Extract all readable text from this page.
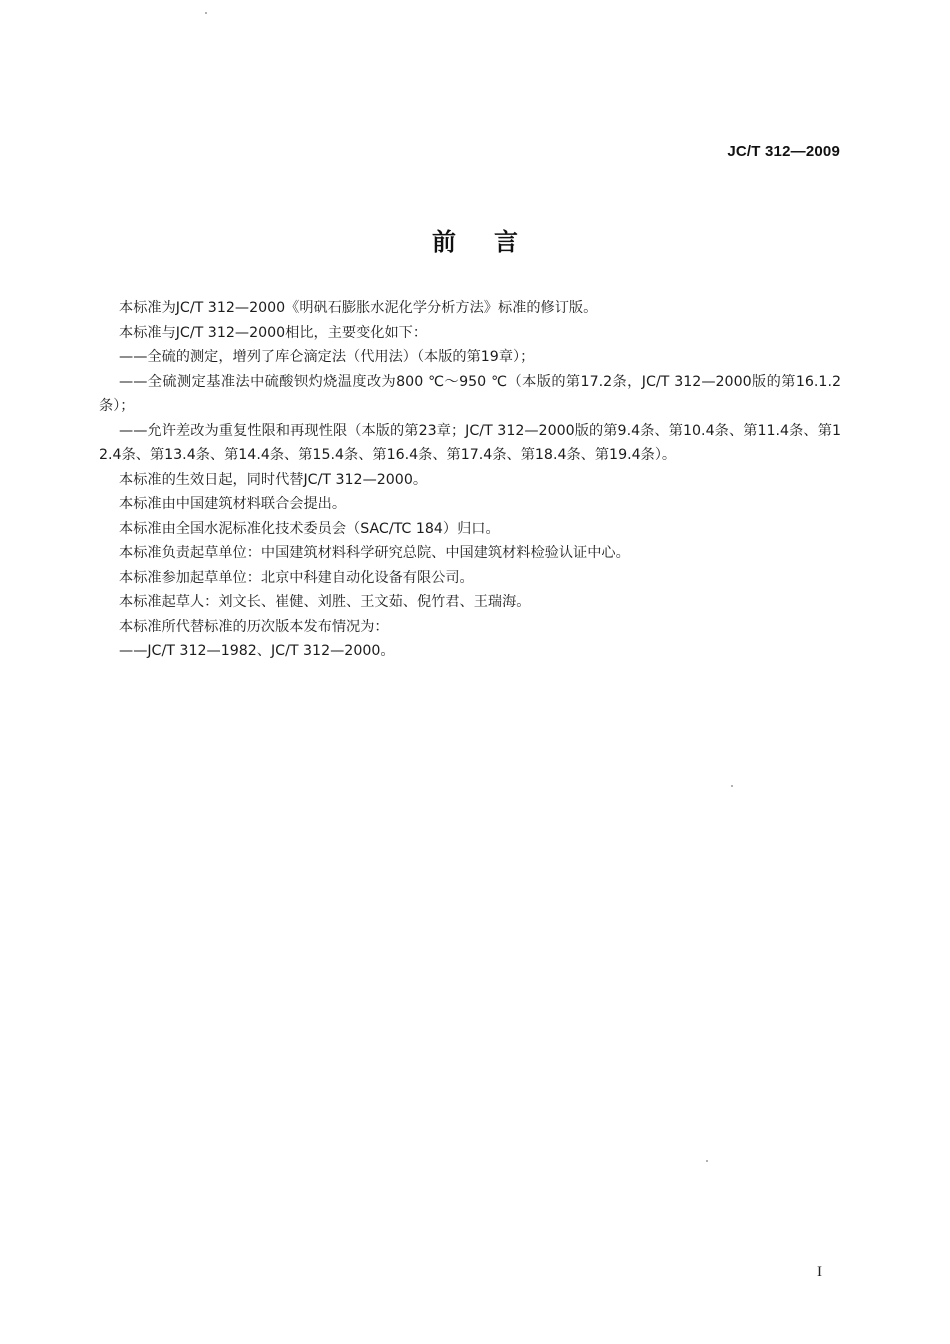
JC/T 312—2009
前言

本标准为JC/T 312—2000《明矾石膨胀水泥化学分析方法》标准的修订版。

本标准与JC/T 312—2000相比，主要变化如下：

——全硫的测定，增列了库仑滴定法（代用法）（本版的第19章）；

——全硫测定基准法中硫酸钡灼烧温度改为800 ℃～950 ℃（本版的第17.2条，JC/T 312—2000版的第16.1.2条）；

——允许差改为重复性限和再现性限（本版的第23章；JC/T 312—2000版的第9.4条、第10.4条、第11.4条、第12.4条、第13.4条、第14.4条、第15.4条、第16.4条、第17.4条、第18.4条、第19.4条）。

本标准的生效日起，同时代替JC/T 312—2000。

本标准由中国建筑材料联合会提出。

本标准由全国水泥标准化技术委员会（SAC/TC 184）归口。

本标准负责起草单位：中国建筑材料科学研究总院、中国建筑材料检验认证中心。

本标准参加起草单位：北京中科建自动化设备有限公司。

本标准起草人：刘文长、崔健、刘胜、王文茹、倪竹君、王瑞海。

本标准所代替标准的历次版本发布情况为：

——JC/T 312—1982、JC/T 312—2000。

I
